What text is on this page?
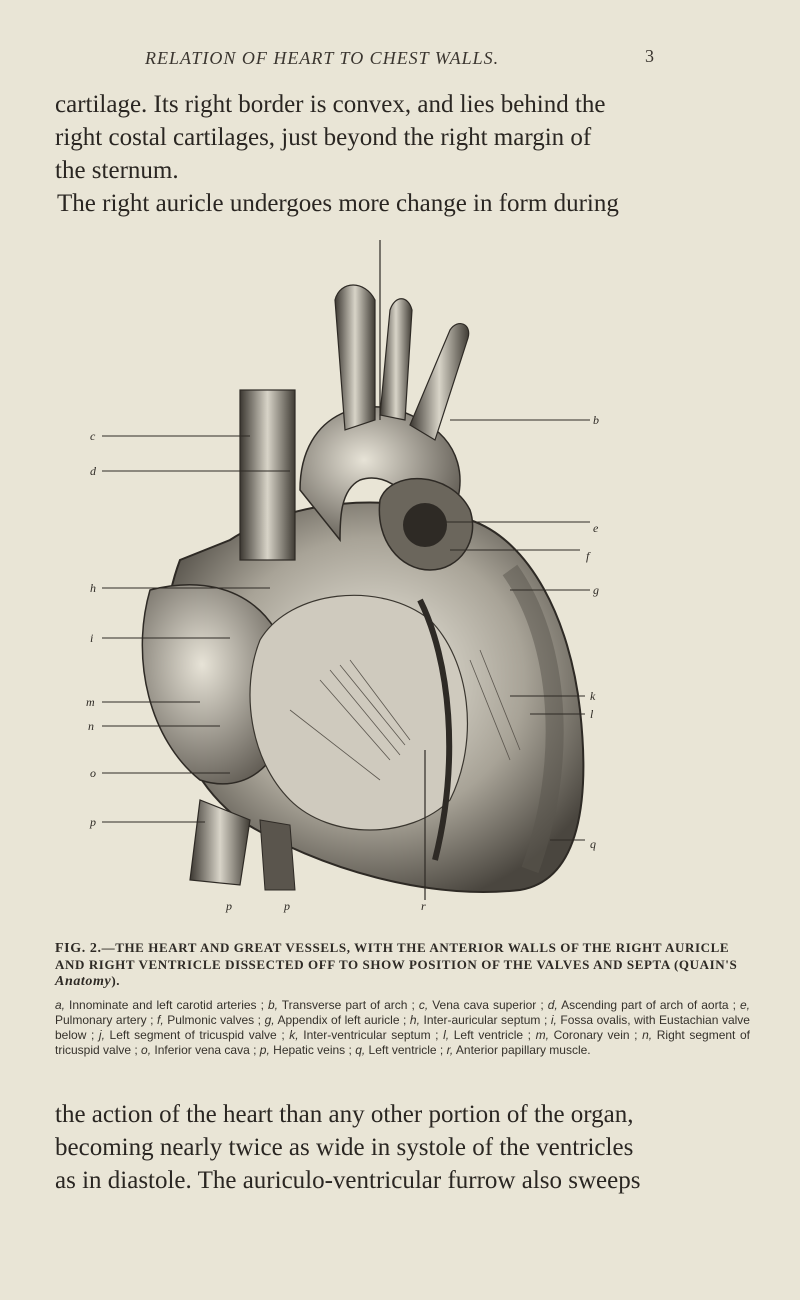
RELATION OF HEART TO CHEST WALLS.	3

cartilage. Its right border is convex, and lies behind the

right costal cartilages, just beyond the right margin of

the sternum.

The right auricle undergoes more change in form during

c
d
h
i
m
n
o
p
b
e
f
g
k
l
q
p	p	r
FIG. 2.—THE HEART AND GREAT VESSELS, WITH THE ANTERIOR WALLS OF THE RIGHT AURICLE AND RIGHT VENTRICLE DISSECTED OFF TO SHOW POSITION OF THE VALVES AND SEPTA (QUAIN'S Anatomy).
a, Innominate and left carotid arteries ; b, Transverse part of arch ; c, Vena cava superior ; d, Ascending part of arch of aorta ; e, Pulmonary artery ; f, Pulmonic valves ; g, Appendix of left auricle ; h, Inter-auricular septum ; i, Fossa ovalis, with Eustachian valve below ; j, Left segment of tricuspid valve ; k, Inter-ventricular septum ; l, Left ventricle ; m, Coronary vein ; n, Right segment of tricuspid valve ; o, Inferior vena cava ; p, Hepatic veins ; q, Left ventricle ; r, Anterior papillary muscle.

the action of the heart than any other portion of the organ,

becoming nearly twice as wide in systole of the ventricles

as in diastole. The auriculo-ventricular furrow also sweeps
